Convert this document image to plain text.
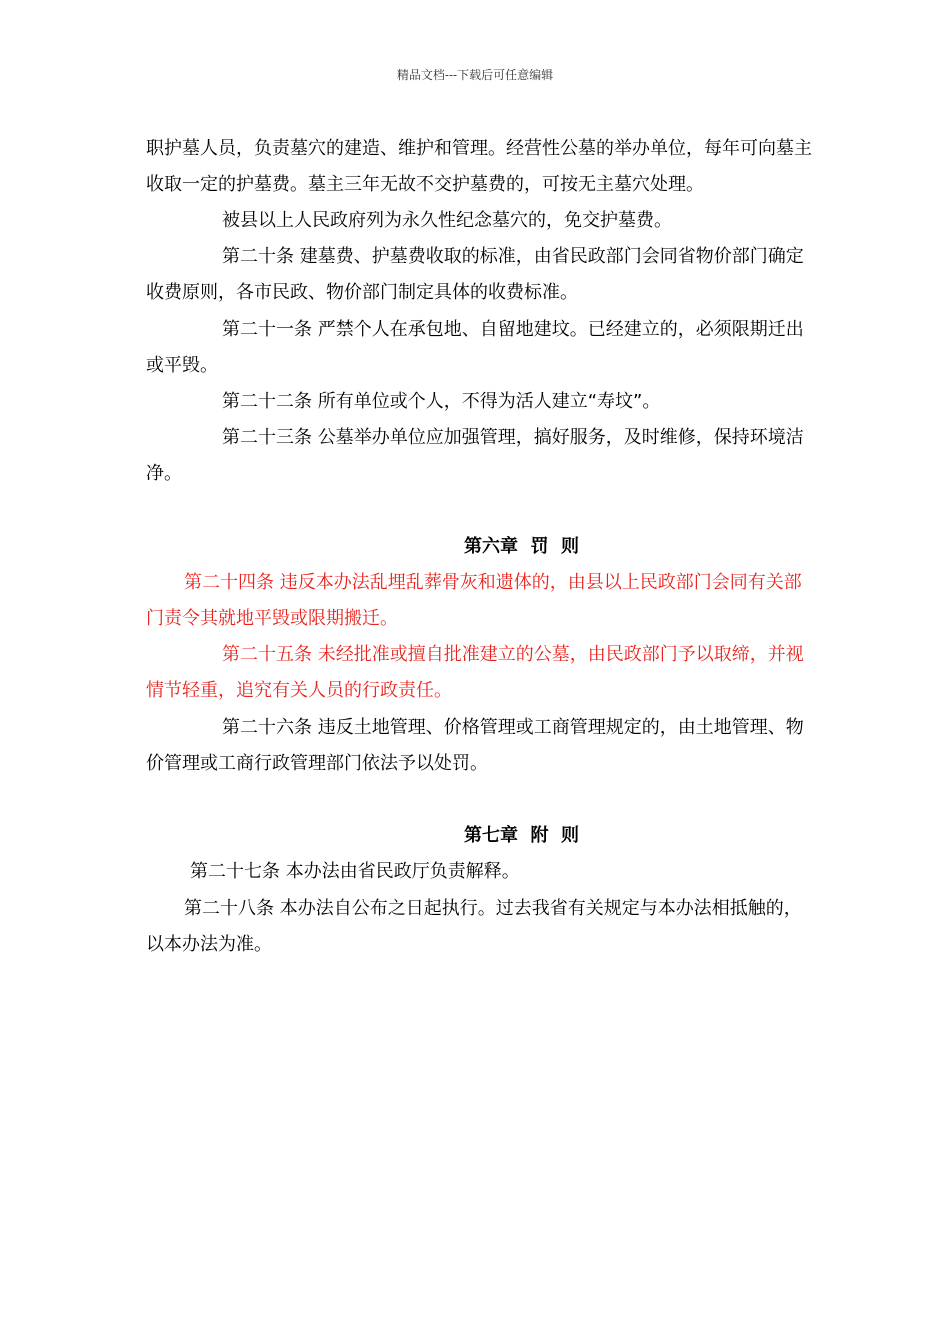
精品文档---下载后可任意编辑
职护墓人员，负责墓穴的建造、维护和管理。经营性公墓的举办单位，每年可向墓主
收取一定的护墓费。墓主三年无故不交护墓费的，可按无主墓穴处理。
被县以上人民政府列为永久性纪念墓穴的，免交护墓费。
第二十条 建墓费、护墓费收取的标准，由省民政部门会同省物价部门确定
收费原则，各市民政、物价部门制定具体的收费标准。
第二十一条 严禁个人在承包地、自留地建坟。已经建立的，必须限期迁出
或平毁。
第二十二条 所有单位或个人，不得为活人建立“寿坟”。
第二十三条 公墓举办单位应加强管理，搞好服务，及时维修，保持环境洁
净。
第六章  罚  则
第二十四条 违反本办法乱埋乱葬骨灰和遗体的，由县以上民政部门会同有关部
门责令其就地平毁或限期搬迁。
第二十五条 未经批准或擅自批准建立的公墓，由民政部门予以取缔，并视
情节轻重，追究有关人员的行政责任。
第二十六条 违反土地管理、价格管理或工商管理规定的，由土地管理、物
价管理或工商行政管理部门依法予以处罚。
第七章  附  则
第二十七条 本办法由省民政厅负责解释。
第二十八条 本办法自公布之日起执行。过去我省有关规定与本办法相抵触的，
以本办法为准。
